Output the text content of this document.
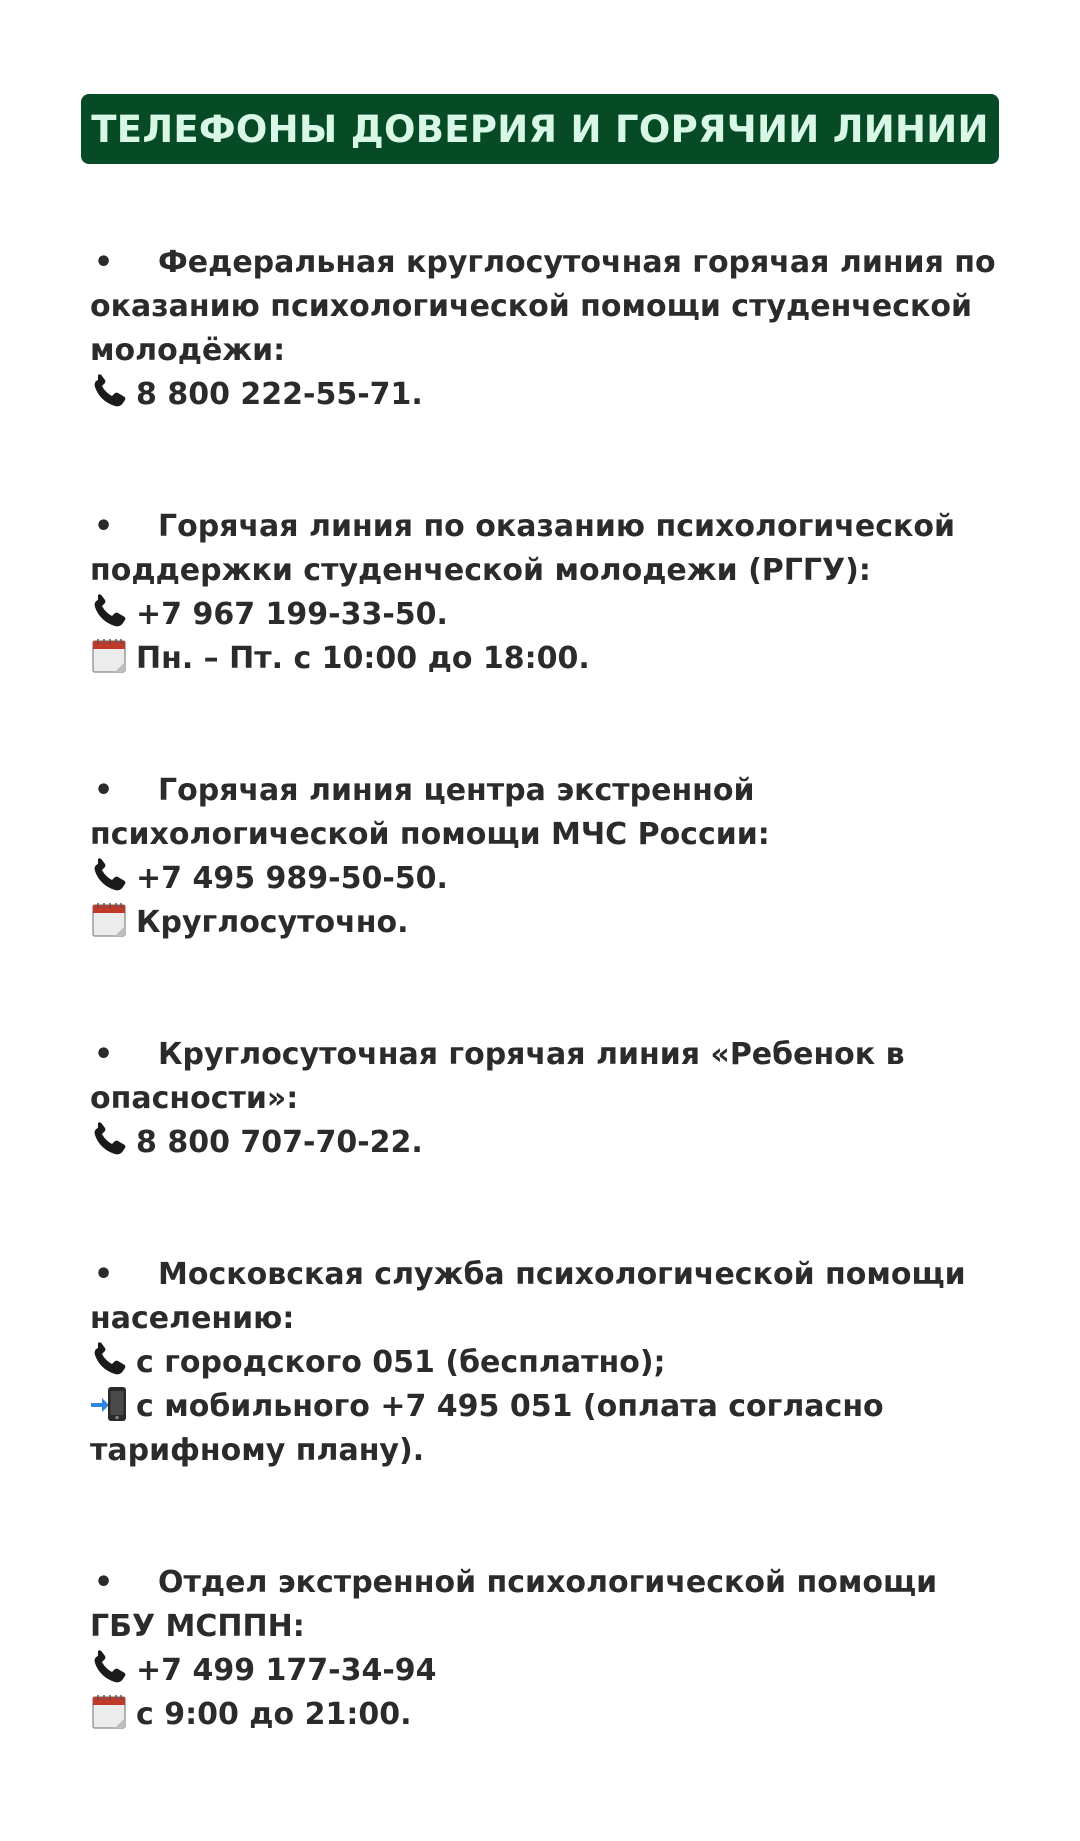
ТЕЛЕФОНЫ ДОВЕРИЯ И ГОРЯЧИИ ЛИНИИ
• Федеральная круглосуточная горячая линия по
оказанию психологической помощи студенческой
молодёжи:
8 800 222-55-71.
• Горячая линия по оказанию психологической
поддержки студенческой молодежи (РГГУ):
+7 967 199-33-50.
Пн. – Пт. с 10:00 до 18:00.
• Горячая линия центра экстренной
психологической помощи МЧС России:
+7 495 989-50-50.
Круглосуточно.
• Круглосуточная горячая линия «Ребенок в
опасности»:
8 800 707-70-22.
• Московская служба психологической помощи
населению:
с городского 051 (бесплатно);
с мобильного +7 495 051 (оплата согласно
тарифному плану).
• Отдел экстренной психологической помощи
ГБУ МСППН:
+7 499 177-34-94
с 9:00 до 21:00.
